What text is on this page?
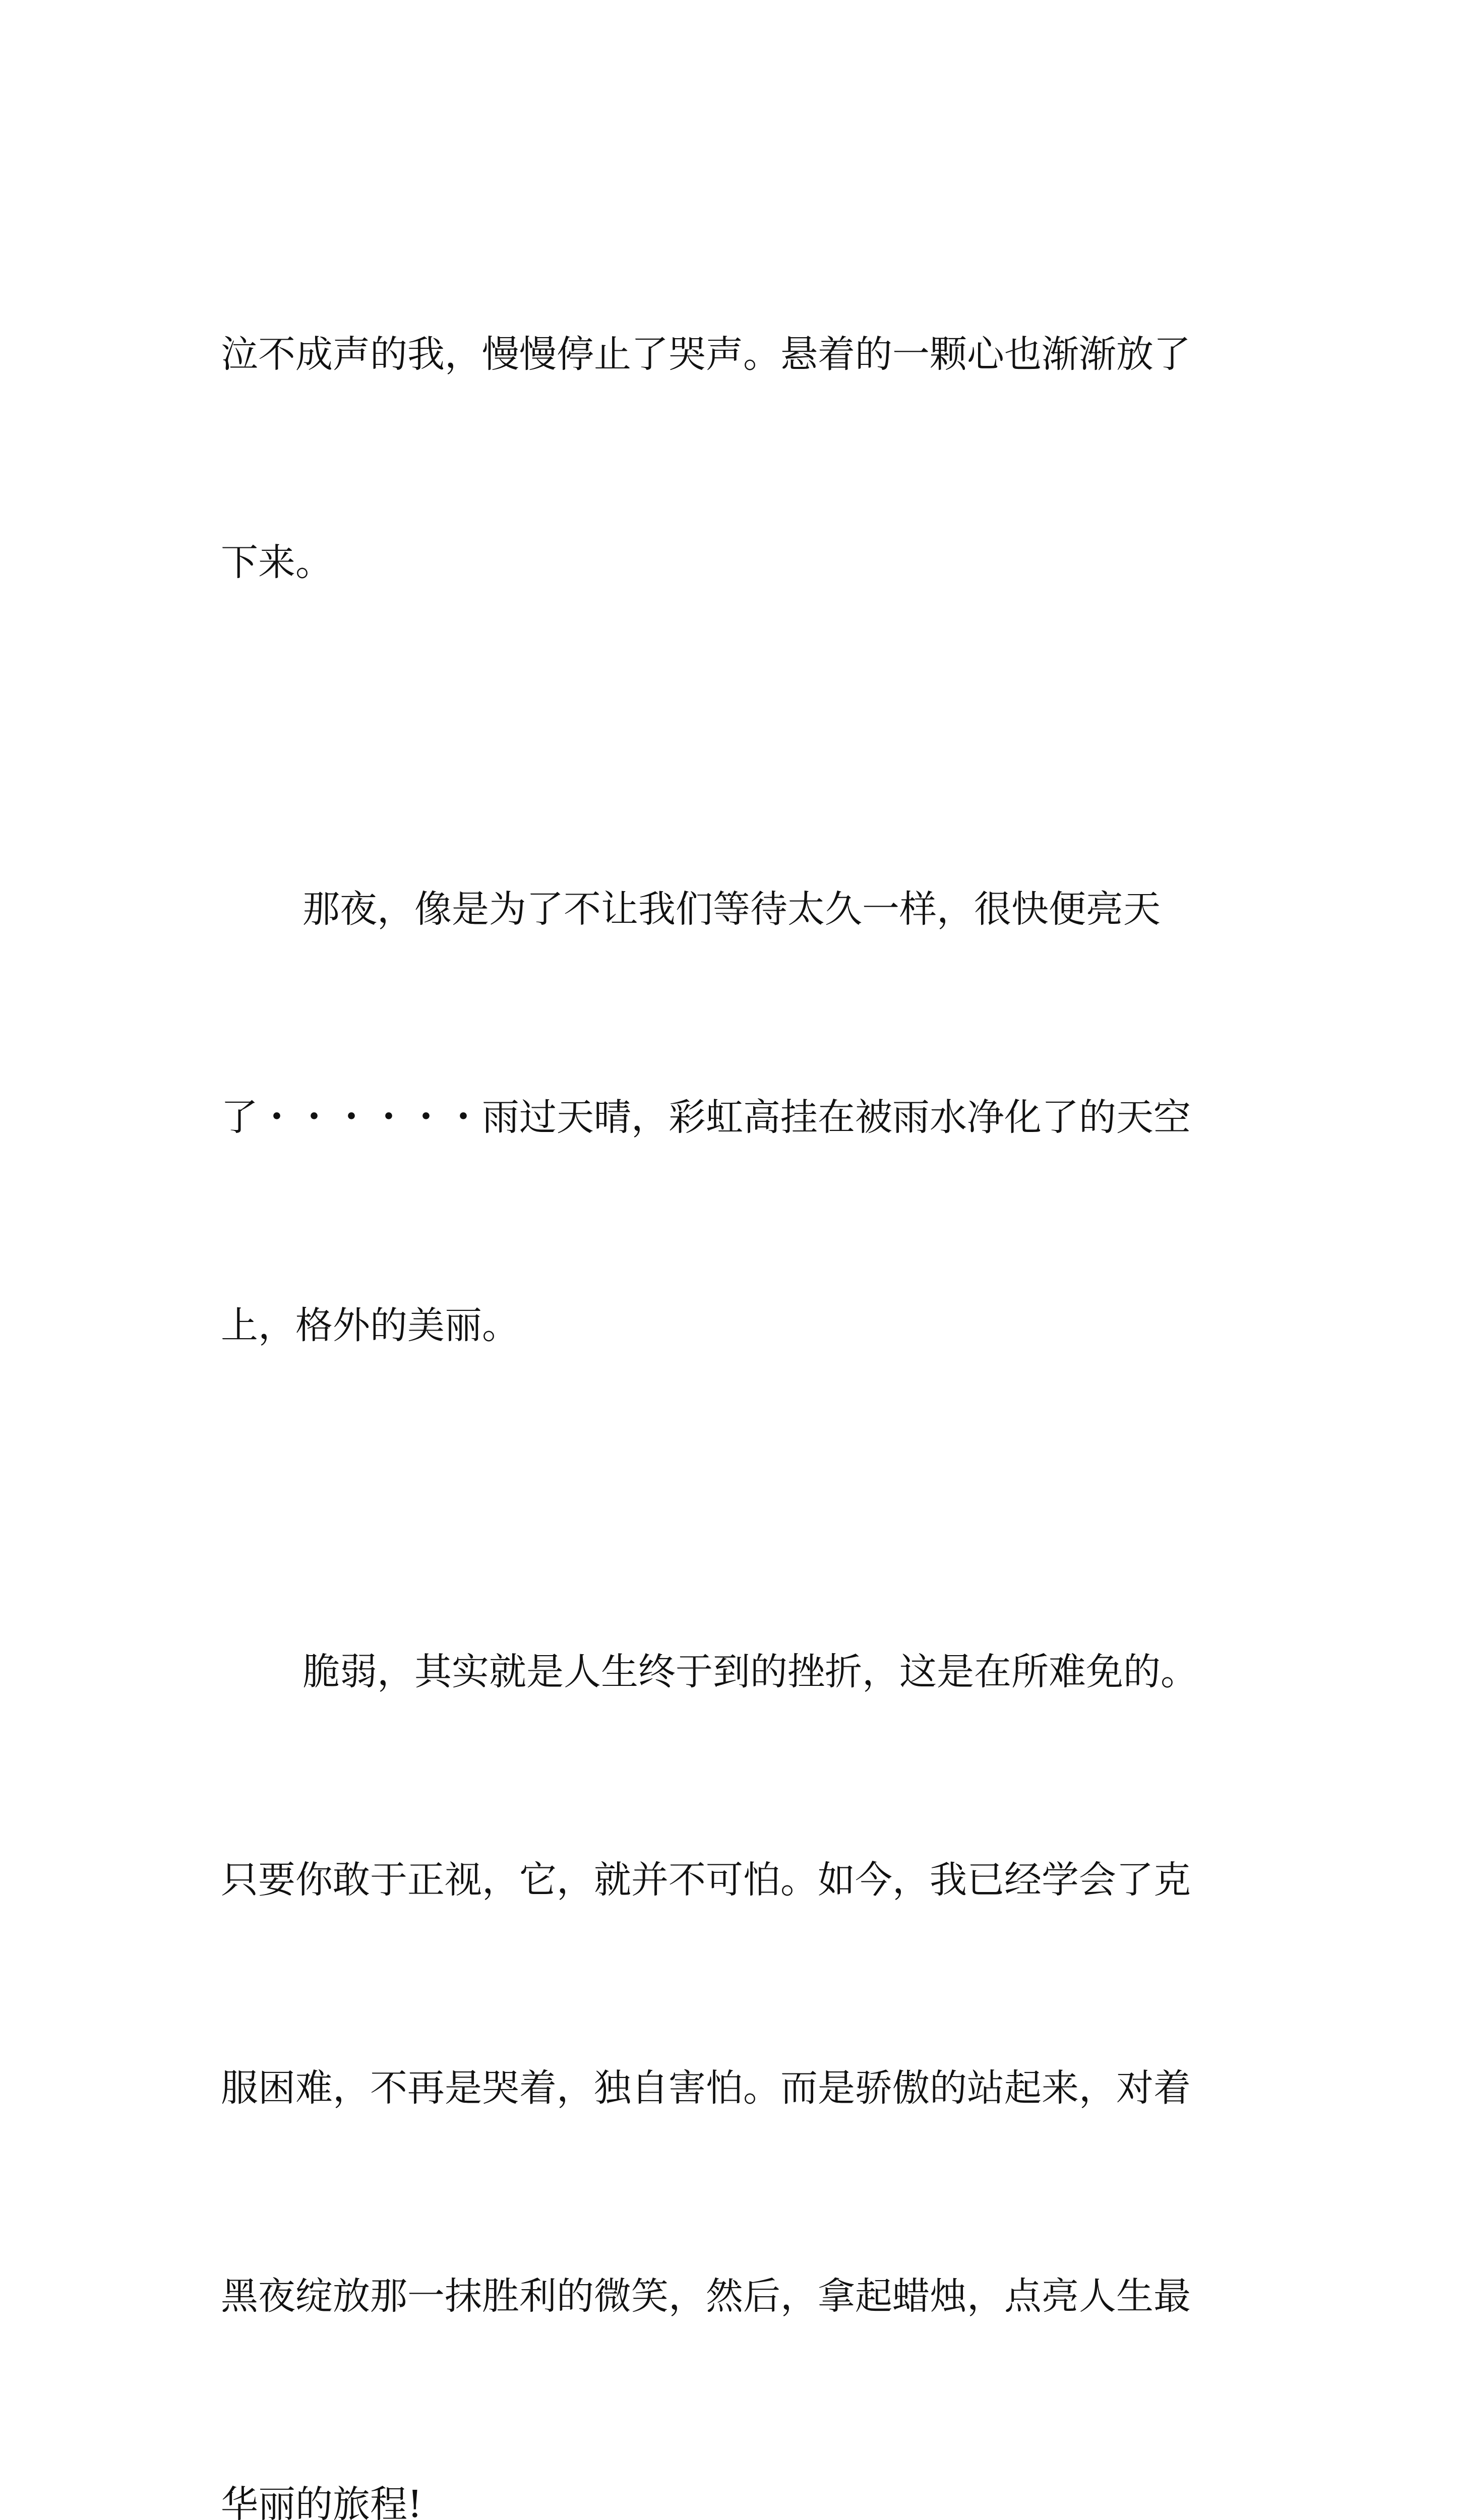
泣不成声的我，慢慢停止了哭声。悬着的一颗心也渐渐放了

下来。

那夜，像是为了不让我们等待太久一样，很快便亮天

了・・・・・・雨过天晴，彩虹高挂在被雨水净化了的天空

上，格外的美丽。

脆弱，其实就是人生终于到的挫折，这是在所难免的。

只要你敢于正视，它，就并不可怕。如今，我已经学会了克

服困难，不再是哭着，独自害怕。而是骄傲的站起来，对着

黑夜绽放那一抹胜利的微笑，然后，拿起蜡烛，点亮人生最

华丽的旅程!
